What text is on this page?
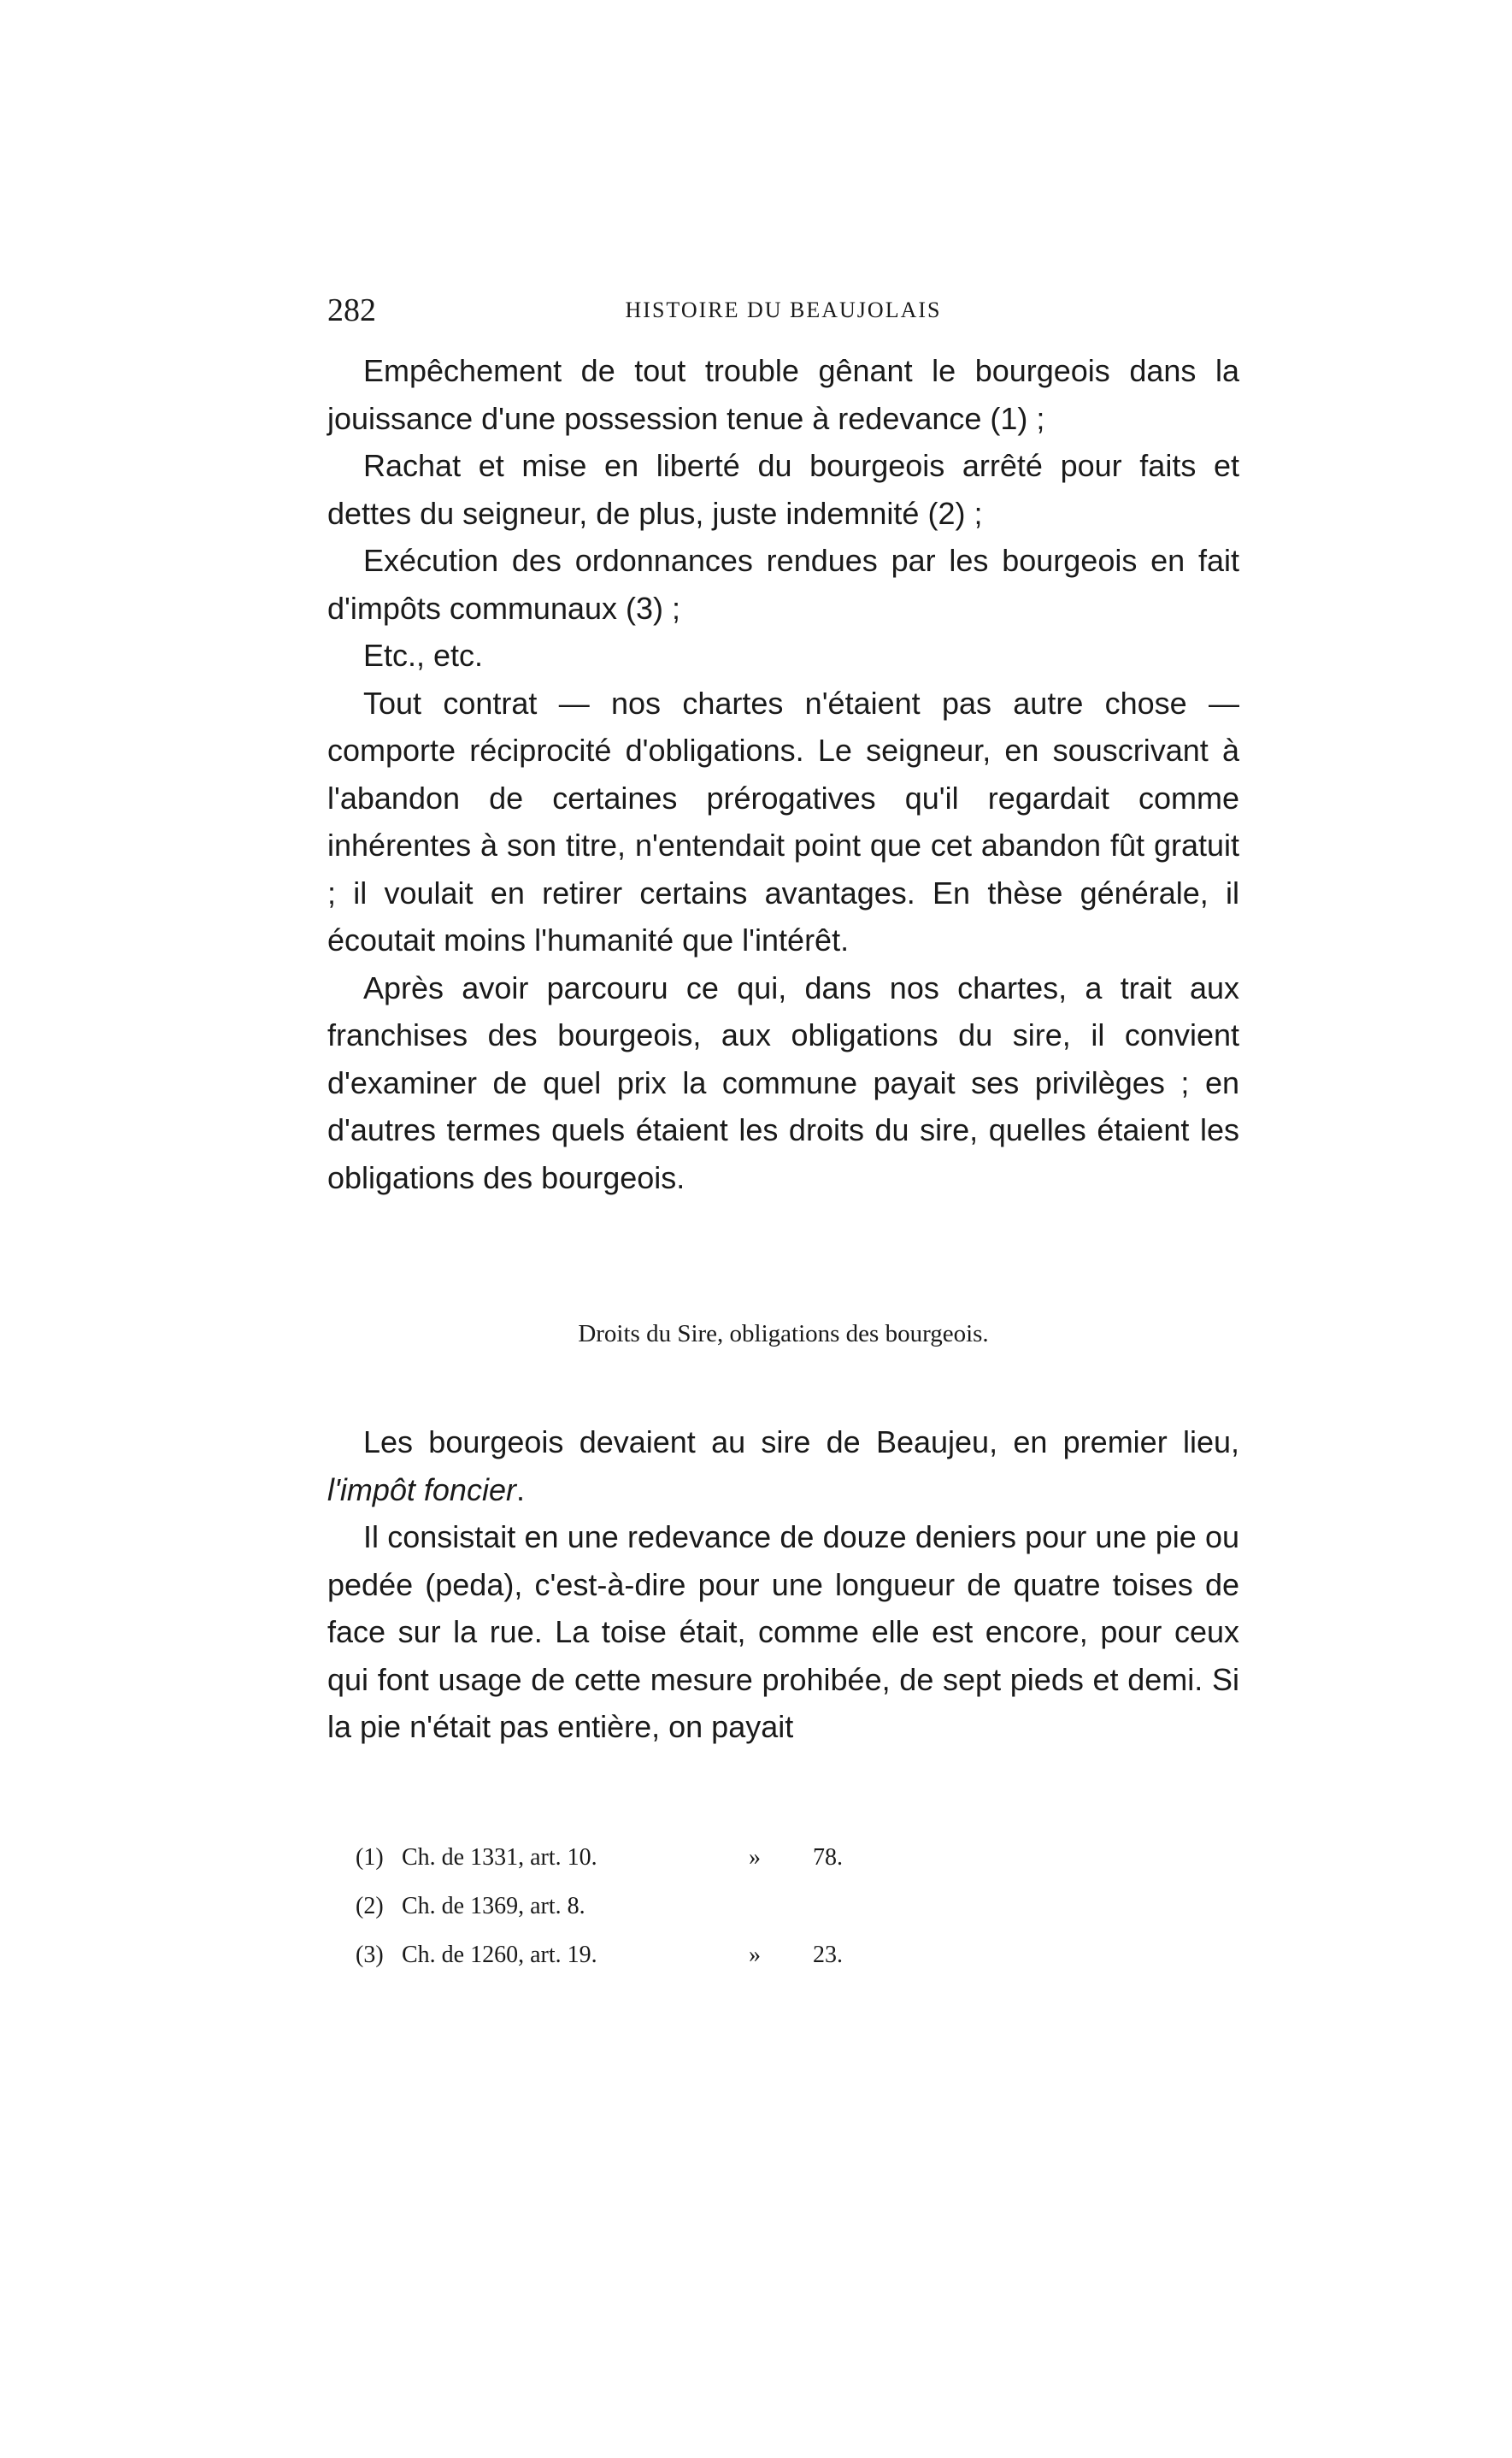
282	HISTOIRE DU BEAUJOLAIS

Empêchement de tout trouble gênant le bourgeois dans la jouissance d'une possession tenue à redevance (1) ;

Rachat et mise en liberté du bourgeois arrêté pour faits et dettes du seigneur, de plus, juste indemnité (2) ;

Exécution des ordonnances rendues par les bourgeois en fait d'impôts communaux (3) ;

Etc., etc.

Tout contrat — nos chartes n'étaient pas autre chose — comporte réciprocité d'obligations. Le seigneur, en souscrivant à l'abandon de certaines prérogatives qu'il regardait comme inhérentes à son titre, n'entendait point que cet abandon fût gratuit ; il voulait en retirer certains avantages. En thèse générale, il écoutait moins l'humanité que l'intérêt.

Après avoir parcouru ce qui, dans nos chartes, a trait aux franchises des bourgeois, aux obligations du sire, il convient d'examiner de quel prix la commune payait ses privilèges ; en d'autres termes quels étaient les droits du sire, quelles étaient les obligations des bourgeois.

Droits du Sire, obligations des bourgeois.

Les bourgeois devaient au sire de Beaujeu, en premier lieu, l'impôt foncier.

Il consistait en une redevance de douze deniers pour une pie ou pedée (peda), c'est-à-dire pour une longueur de quatre toises de face sur la rue. La toise était, comme elle est encore, pour ceux qui font usage de cette mesure prohibée, de sept pieds et demi. Si la pie n'était pas entière, on payait

(1) Ch. de 1331, art. 10.	» 78.
(2) Ch. de 1369, art. 8.
(3) Ch. de 1260, art. 19.	» 23.
